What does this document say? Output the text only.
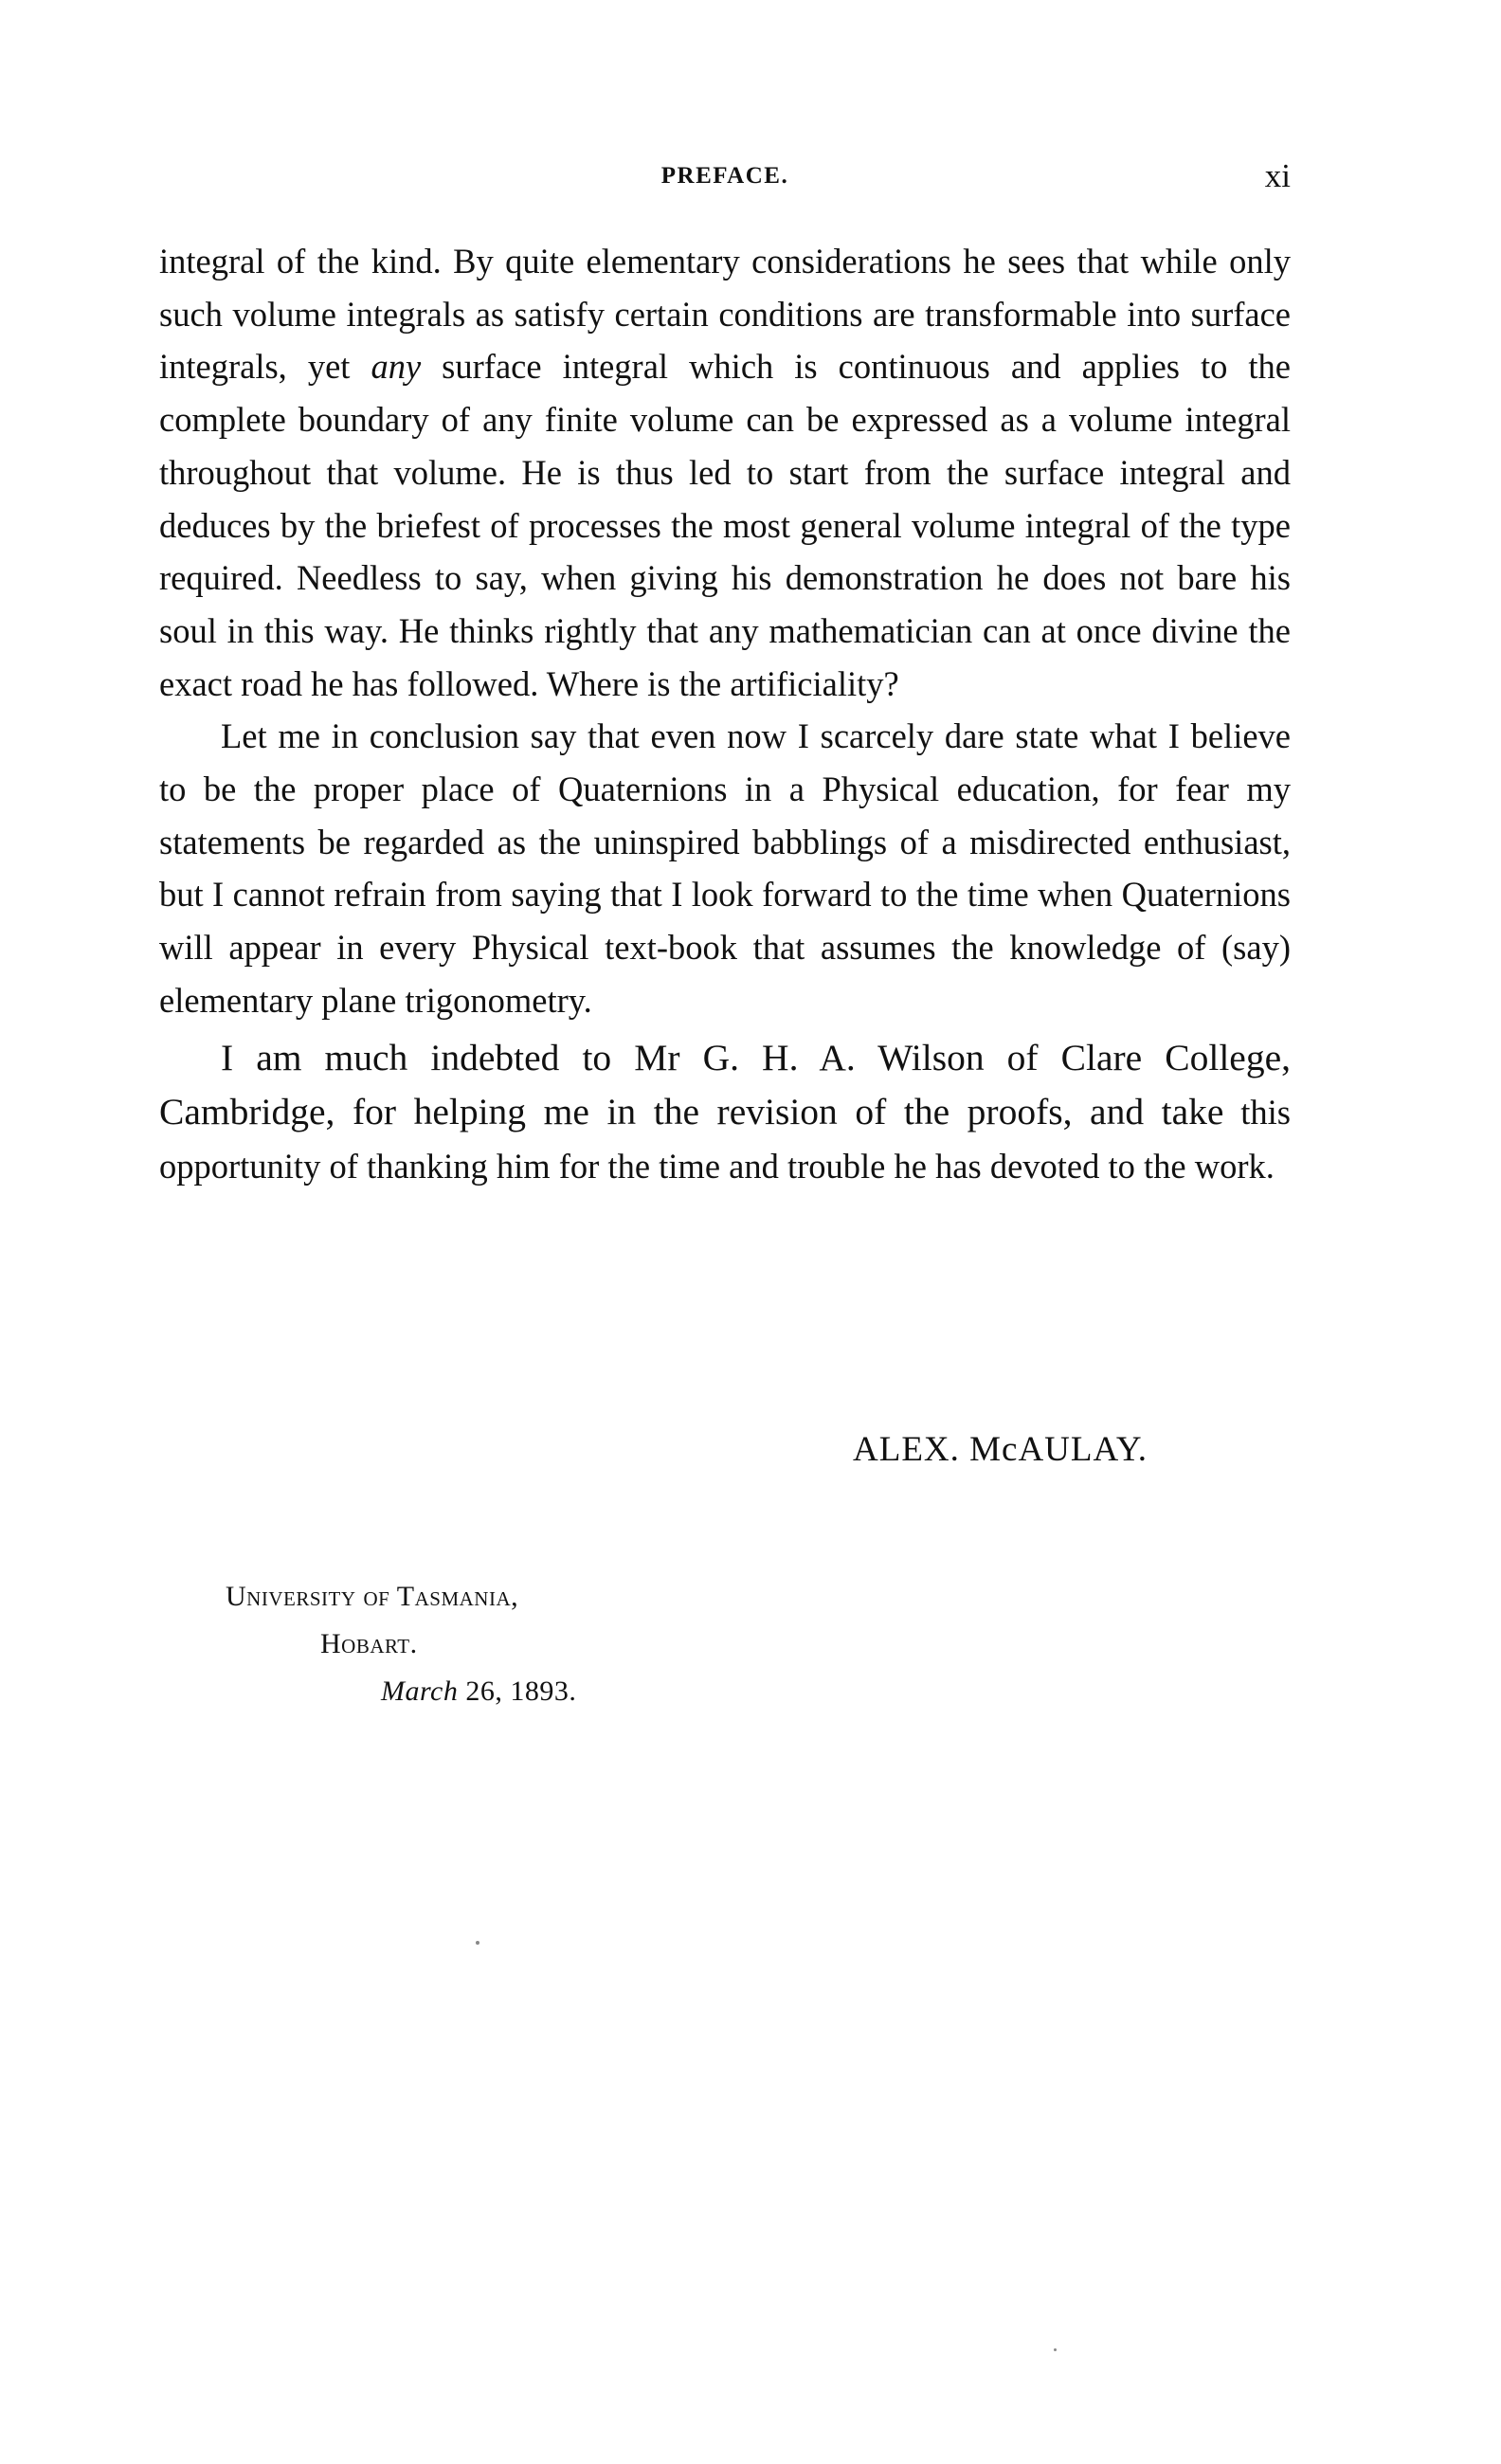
PREFACE.	xi

integral of the kind. By quite elementary considerations he sees that while only such volume integrals as satisfy certain conditions are transformable into surface integrals, yet any surface integral which is continuous and applies to the complete boundary of any finite volume can be expressed as a volume integral throughout that volume. He is thus led to start from the surface integral and deduces by the briefest of processes the most general volume integral of the type required. Needless to say, when giving his demonstration he does not bare his soul in this way. He thinks rightly that any mathematician can at once divine the exact road he has followed. Where is the artificiality?

Let me in conclusion say that even now I scarcely dare state what I believe to be the proper place of Quaternions in a Physical education, for fear my statements be regarded as the uninspired babblings of a misdirected enthusiast, but I cannot refrain from saying that I look forward to the time when Quaternions will appear in every Physical text-book that assumes the knowledge of (say) elementary plane trigonometry.

I am much indebted to Mr G. H. A. Wilson of Clare College, Cambridge, for helping me in the revision of the proofs, and take this opportunity of thanking him for the time and trouble he has devoted to the work.

ALEX. McAULAY.
University of Tasmania,
Hobart.
March 26, 1893.
